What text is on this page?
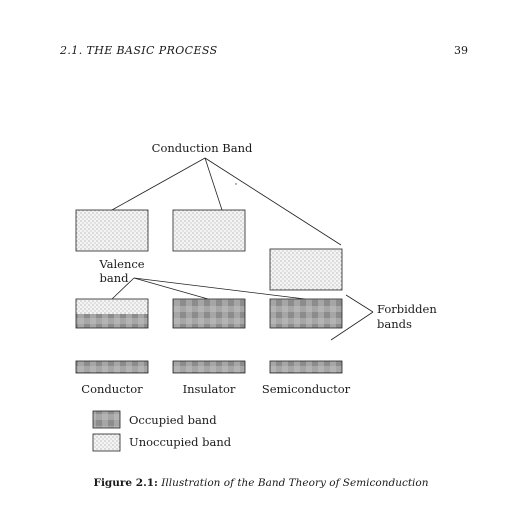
2.1. THE BASIC PROCESS	39
Conduction Band
Valence
band
Forbidden
bands
Conductor	Insulator Semiconductor
Occupied band
Unoccupied band
Figure 2.1: Illustration of the Band Theory of Semiconduction
